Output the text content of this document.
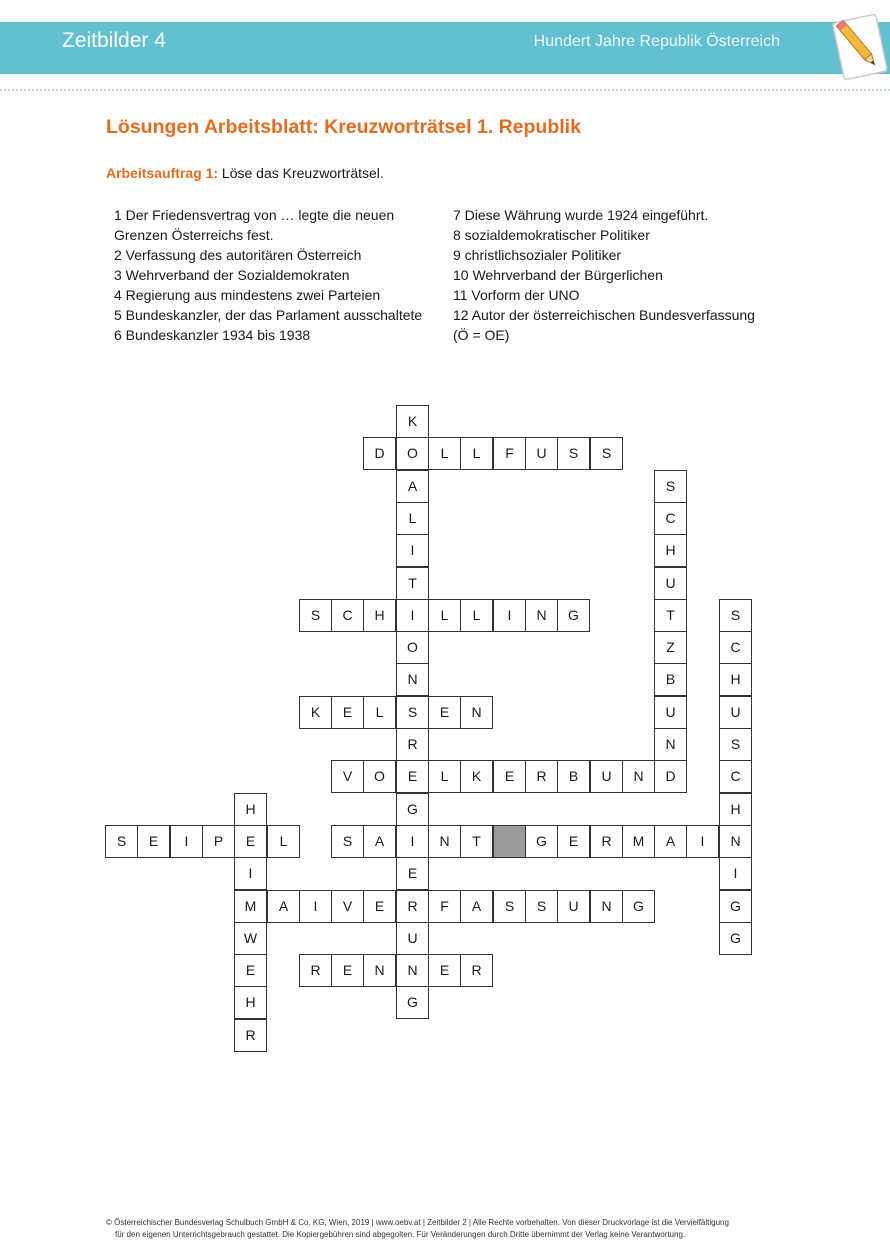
Zeitbilder 4	Hundert Jahre Republik Österreich
Lösungen Arbeitsblatt: Kreuzworträtsel 1. Republik
Arbeitsauftrag 1: Löse das Kreuzworträtsel.
1 Der Friedensvertrag von … legte die neuen Grenzen Österreichs fest.
2 Verfassung des autoritären Österreich
3 Wehrverband der Sozialdemokraten
4 Regierung aus mindestens zwei Parteien
5 Bundeskanzler, der das Parlament ausschaltete
6 Bundeskanzler 1934 bis 1938
7 Diese Währung wurde 1924 eingeführt.
8 sozialdemokratischer Politiker
9 christlichsozialer Politiker
10 Wehrverband der Bürgerlichen
11 Vorform der UNO
12 Autor der österreichischen Bundesverfassung
(Ö = OE)
K
O
A
L
I
T
I
O
N
S
R
E
G
I
E
R
U
N
G
D	L	L	F	U	S	S
S
C
H
U
T
Z
B
U
N
D
S	C	H	L	L	I	N	G	S
C
H
U
S
C
H
N
I
G
G
K	E	L	E	N
V	O	L	K	E	R	B	U	N
H
E
I
M
W
E
H
R
S	E	I	P	L	S	A	N	T	G	E	R	M	A	I
A	I	V	E	F	A	S	S	U	N	G
R	E	N	E	R
© Österreichischer Bundesverlag Schulbuch GmbH & Co. KG, Wien, 2019 | www.oebv.at | Zeitbilder 2 | Alle Rechte vorbehalten. Von dieser Druckvorlage ist die Vervielfältigung
für den eigenen Unterrichtsgebrauch gestattet. Die Kopiergebühren sind abgegolten. Für Veränderungen durch Dritte übernimmt der Verlag keine Verantwortung.
